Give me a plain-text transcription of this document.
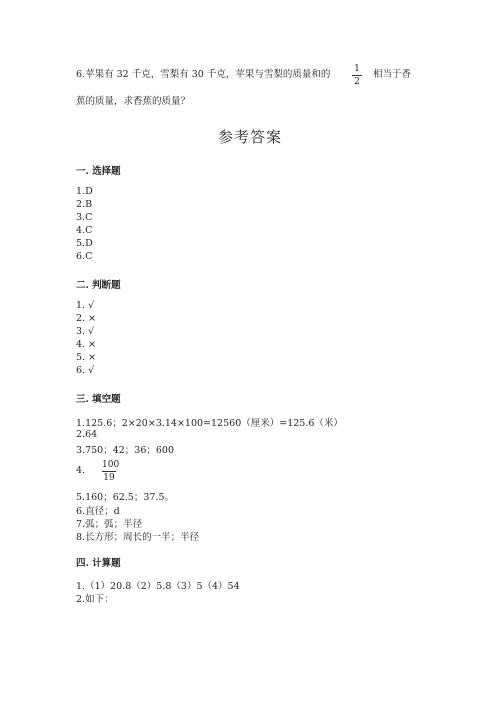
6.苹果有 32 千克，雪梨有 30 千克，苹果与雪梨的质量和的	1
2
相当于香
蕉的质量，求香蕉的质量？
参考答案
一. 选择题
1.D
2.B
3.C
4.C
5.D
6.C
二. 判断题
1. √
2. ×
3. √
4. ×
5. ×
6. √
三. 填空题
1.125.6；2×20×3.14×100=12560（厘米）=125.6（米）
2.64
3.750；42；36；600
4. 100
19
5.160；62.5；37.5。
6.直径；d
7.弧；弧；半径
8.长方形；周长的一半；半径
四. 计算题
1.（1）20.8（2）5.8（3）5（4）54
2.如下：
